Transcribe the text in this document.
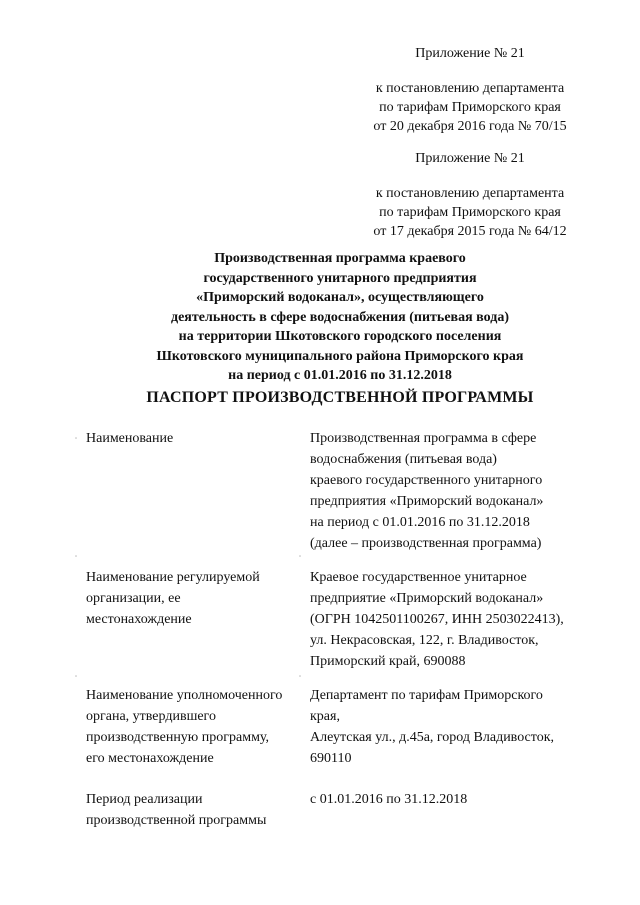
Приложение № 21
к постановлению департамента
по тарифам Приморского края
от 20 декабря 2016 года № 70/15
Приложение № 21
к постановлению департамента
по тарифам Приморского края
от 17 декабря 2015 года № 64/12
Производственная программа краевого
государственного унитарного предприятия
«Приморский водоканал», осуществляющего
деятельность в сфере водоснабжения (питьевая вода)
на территории Шкотовского городского поселения
Шкотовского муниципального района Приморского края
на период с 01.01.2016 по 31.12.2018
ПАСПОРТ ПРОИЗВОДСТВЕННОЙ ПРОГРАММЫ
Наименование	Производственная программа в сфере
водоснабжения (питьевая вода)
краевого государственного унитарного
предприятия «Приморский водоканал»
на период с 01.01.2016 по 31.12.2018
(далее – производственная программа)
Наименование регулируемой
организации, ее
местонахождение
Краевое государственное унитарное
предприятие «Приморский водоканал»
(ОГРН 1042501100267, ИНН 2503022413),
ул. Некрасовская, 122, г. Владивосток,
Приморский край, 690088
Наименование уполномоченного
органа, утвердившего
производственную программу,
его местонахождение
Департамент по тарифам Приморского
края,
Алеутская ул., д.45а, город Владивосток,
690110
Период реализации
производственной программы
с 01.01.2016 по 31.12.2018
